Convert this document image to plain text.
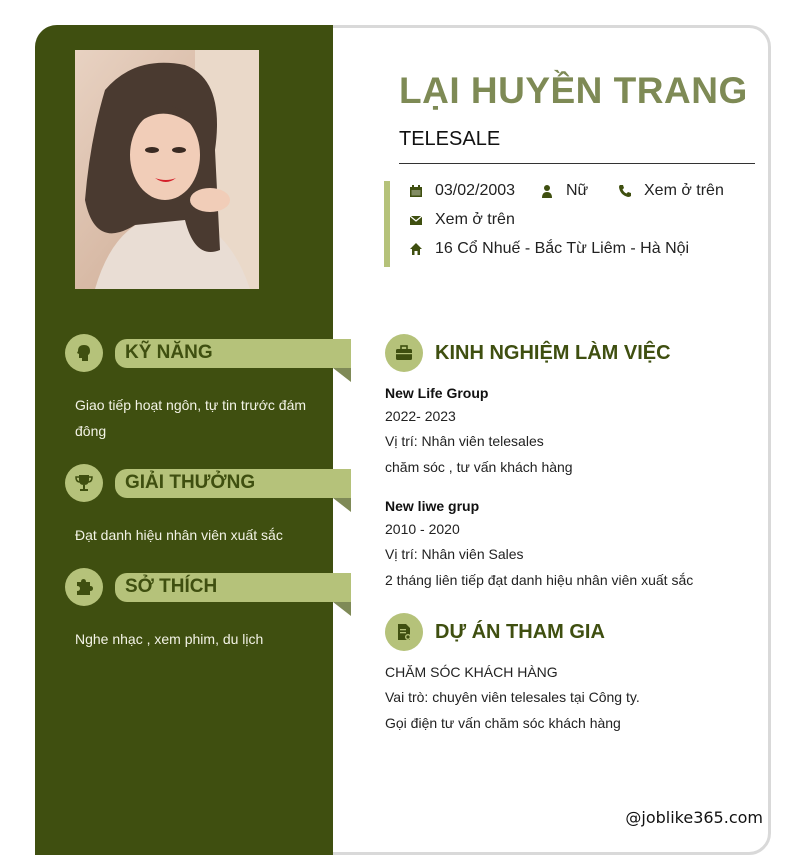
LẠI HUYỀN TRANG
TELESALE
03/02/2003	Nữ	Xem ở trên
Xem ở trên
16 Cổ Nhuế - Bắc Từ Liêm - Hà Nội
KỸ NĂNG
Giao tiếp hoạt ngôn, tự tin trước đám đông
GIẢI THƯỞNG
Đạt danh hiệu nhân viên xuất sắc
SỞ THÍCH
Nghe nhạc , xem phim, du lịch
KINH NGHIỆM LÀM VIỆC
New Life Group
2022- 2023
Vị trí: Nhân viên telesales
chăm sóc , tư vấn khách hàng
New liwe grup
2010 - 2020
Vị trí: Nhân viên Sales
2 tháng liên tiếp đạt danh hiệu nhân viên xuất sắc
DỰ ÁN THAM GIA
CHĂM SÓC KHÁCH HÀNG
Vai trò: chuyên viên telesales tại Công ty.
Gọi điện tư vấn chăm sóc khách hàng
@joblike365.com
